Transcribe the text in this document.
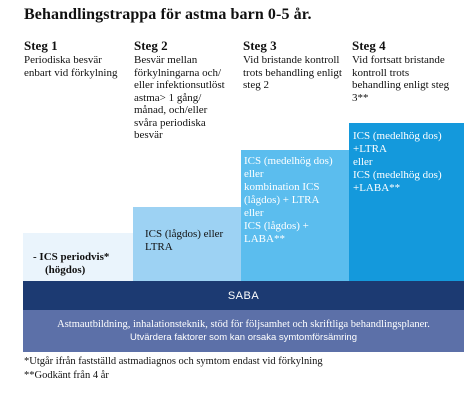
Behandlingstrappa för astma barn 0-5 år.
Steg 1
Periodiska besvär
enbart vid förkylning
Steg 2
Besvär mellan
förkylningarna och/
eller infektionsutlöst
astma> 1 gång/
månad, och/eller
svåra periodiska
besvär
Steg 3
Vid bristande kontroll
trots behandling enligt
steg 2
Steg 4
Vid fortsatt bristande
kontroll trots
behandling enligt steg
3**
- ICS periodvis*
(högdos)
ICS (lågdos) eller
LTRA
ICS (medelhög dos)
eller
kombination ICS
(lågdos) + LTRA
eller
ICS (lågdos) +
LABA**
ICS (medelhög dos)
+LTRA
eller
ICS (medelhög dos)
+LABA**
SABA
Astmautbildning, inhalationsteknik, stöd för följsamhet och skriftliga behandlingsplaner.
Utvärdera faktorer som kan orsaka symtomförsämring
*Utgår ifrån fastställd astmadiagnos och symtom endast vid förkylning
**Godkänt från 4 år
